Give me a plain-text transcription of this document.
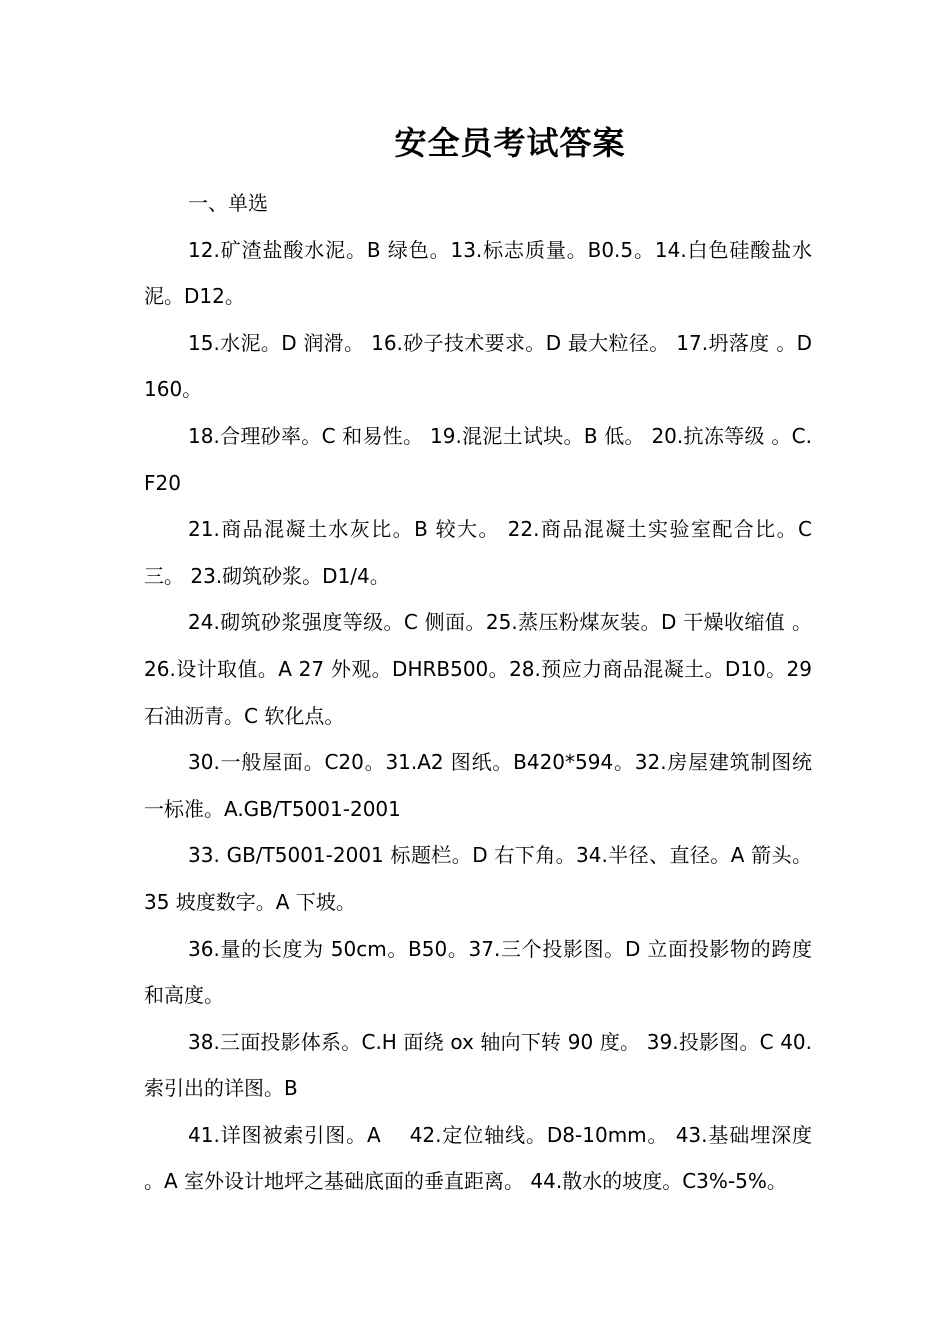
安全员考试答案

一、单选

12.矿渣盐酸水泥。B 绿色。13.标志质量。B0.5。14.白色硅酸盐水泥。D12。

15.水泥。D 润滑。 16.砂子技术要求。D 最大粒径。 17.坍落度 。D160。

18.合理砂率。C 和易性。 19.混泥土试块。B 低。 20.抗冻等级 。C.F20

21.商品混凝土水灰比。B 较大。 22.商品混凝土实验室配合比。C 三。 23.砌筑砂浆。D1/4。

24.砌筑砂浆强度等级。C 侧面。25.蒸压粉煤灰装。D 干燥收缩值 。26.设计取值。A 27 外观。DHRB500。28.预应力商品混凝土。D10。29 石油沥青。C 软化点。

30.一般屋面。C20。31.A2 图纸。B420*594。32.房屋建筑制图统一标准。A.GB/T5001-2001

33. GB/T5001-2001 标题栏。D 右下角。34.半径、直径。A 箭头。35 坡度数字。A 下坡。

36.量的长度为 50cm。B50。37.三个投影图。D 立面投影物的跨度和高度。

38.三面投影体系。C.H 面绕 ox 轴向下转 90 度。 39.投影图。C 40.索引出的详图。B

41.详图被索引图。A　 42.定位轴线。D8-10mm。 43.基础埋深度 。A 室外设计地坪之基础底面的垂直距离。 44.散水的坡度。C3%-5%。
